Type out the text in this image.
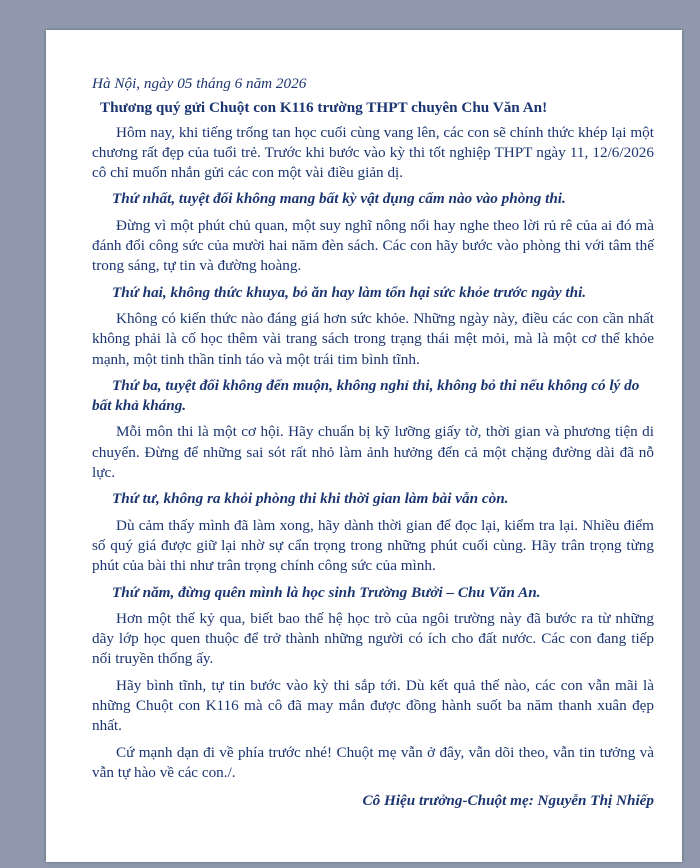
Hà Nội, ngày 05 tháng 6 năm 2026

Thương quý gửi Chuột con K116 trường THPT chuyên Chu Văn An!

Hôm nay, khi tiếng trống tan học cuối cùng vang lên, các con sẽ chính thức khép lại một chương rất đẹp của tuổi trẻ. Trước khi bước vào kỳ thi tốt nghiệp THPT ngày 11, 12/6/2026 cô chỉ muốn nhắn gửi các con một vài điều giản dị.

Thứ nhất, tuyệt đối không mang bất kỳ vật dụng cấm nào vào phòng thi.

Đừng vì một phút chủ quan, một suy nghĩ nông nổi hay nghe theo lời rủ rê của ai đó mà đánh đổi công sức của mười hai năm đèn sách. Các con hãy bước vào phòng thi với tâm thế trong sáng, tự tin và đường hoàng.

Thứ hai, không thức khuya, bỏ ăn hay làm tổn hại sức khỏe trước ngày thi.

Không có kiến thức nào đáng giá hơn sức khỏe. Những ngày này, điều các con cần nhất không phải là cố học thêm vài trang sách trong trạng thái mệt mỏi, mà là một cơ thể khỏe mạnh, một tinh thần tỉnh táo và một trái tim bình tĩnh.

Thứ ba, tuyệt đối không đến muộn, không nghỉ thi, không bỏ thi nếu không có lý do bất khả kháng.

Mỗi môn thi là một cơ hội. Hãy chuẩn bị kỹ lưỡng giấy tờ, thời gian và phương tiện di chuyển. Đừng để những sai sót rất nhỏ làm ảnh hưởng đến cả một chặng đường dài đã nỗ lực.

Thứ tư, không ra khỏi phòng thi khi thời gian làm bài vẫn còn.

Dù cảm thấy mình đã làm xong, hãy dành thời gian để đọc lại, kiểm tra lại. Nhiều điểm số quý giá được giữ lại nhờ sự cẩn trọng trong những phút cuối cùng. Hãy trân trọng từng phút của bài thi như trân trọng chính công sức của mình.

Thứ năm, đừng quên mình là học sinh Trường Bưởi – Chu Văn An.

Hơn một thế kỷ qua, biết bao thế hệ học trò của ngôi trường này đã bước ra từ những dãy lớp học quen thuộc để trở thành những người có ích cho đất nước. Các con đang tiếp nối truyền thống ấy.

Hãy bình tĩnh, tự tin bước vào kỳ thi sắp tới. Dù kết quả thế nào, các con vẫn mãi là những Chuột con K116 mà cô đã may mắn được đồng hành suốt ba năm thanh xuân đẹp nhất.

Cứ mạnh dạn đi về phía trước nhé! Chuột mẹ vẫn ở đây, vẫn dõi theo, vẫn tin tưởng và vẫn tự hào về các con./.

Cô Hiệu trưởng-Chuột mẹ: Nguyễn Thị Nhiếp
